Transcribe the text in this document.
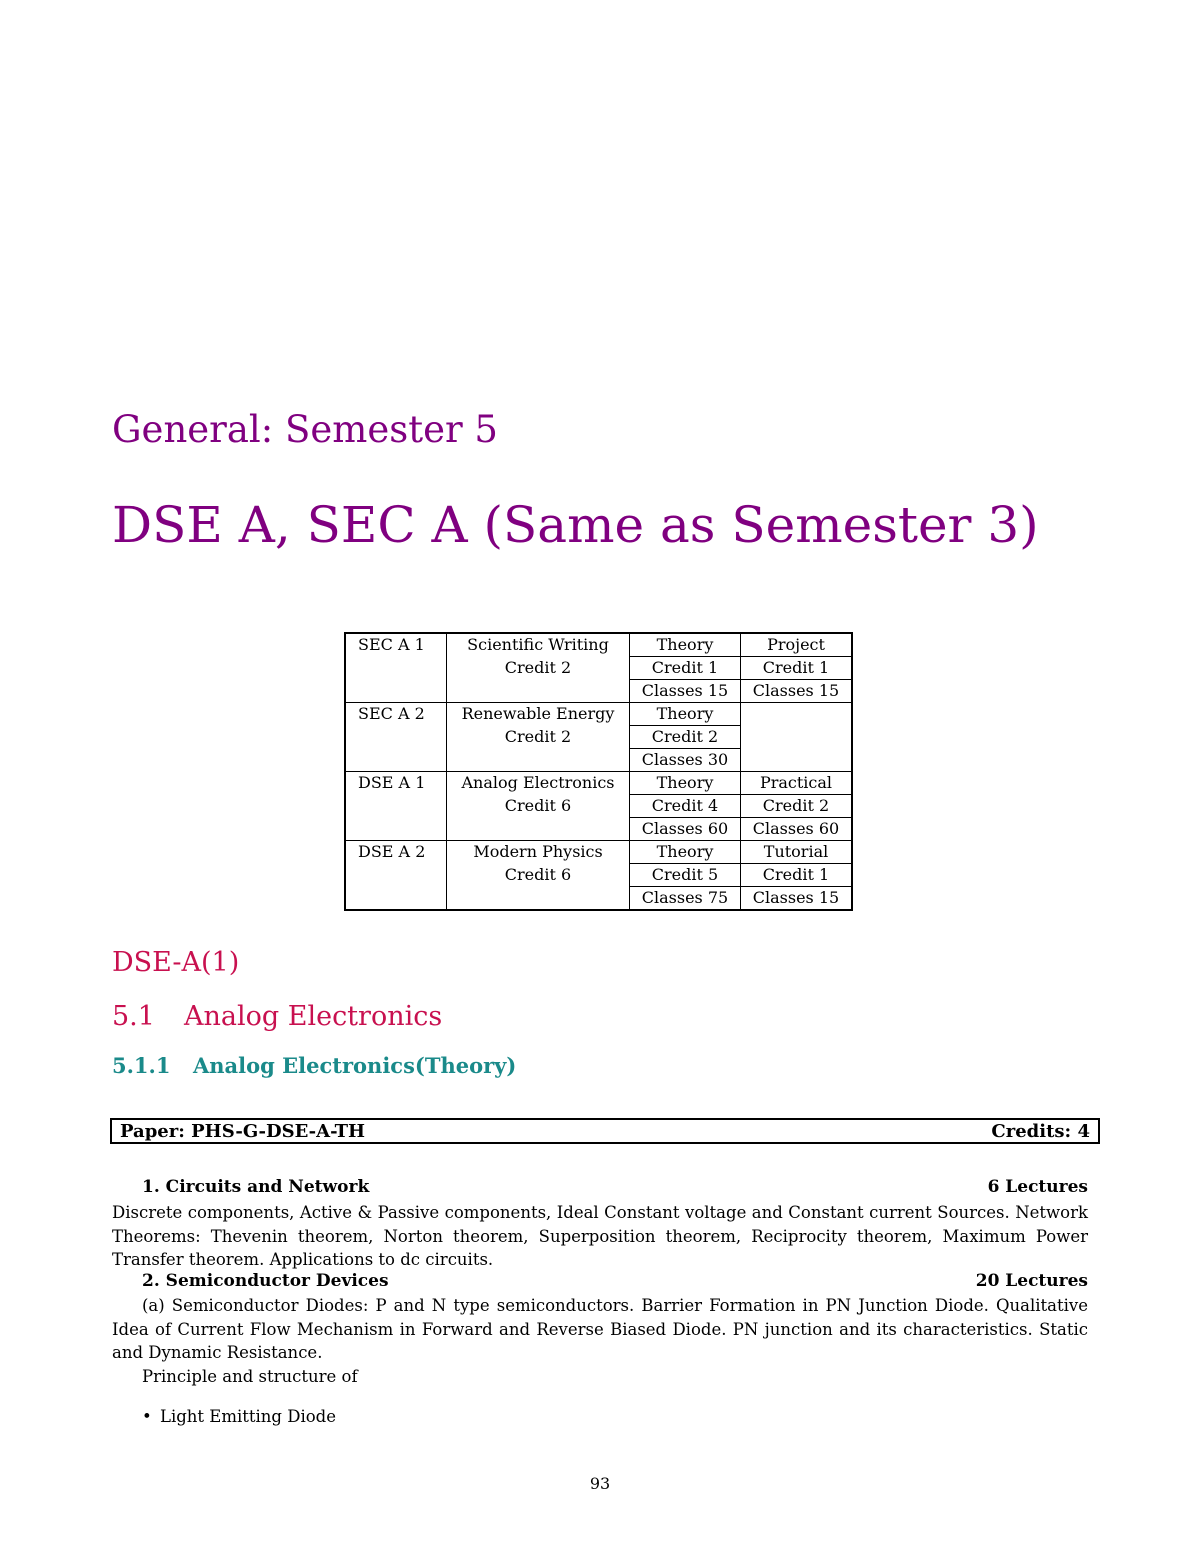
General: Semester 5
DSE A, SEC A (Same as Semester 3)
SEC A 1	Scientific Writing	Theory	Project
	Credit 2	Credit 1	Credit 1
		Classes 15	Classes 15
SEC A 2	Renewable Energy	Theory	
	Credit 2	Credit 2	
		Classes 30	
DSE A 1	Analog Electronics	Theory	Practical
	Credit 6	Credit 4	Credit 2
		Classes 60	Classes 60
DSE A 2	Modern Physics	Theory	Tutorial
	Credit 6	Credit 5	Credit 1
		Classes 75	Classes 15
DSE-A(1)
5.1 Analog Electronics
5.1.1 Analog Electronics(Theory)
Paper: PHS-G-DSE-A-TH	Credits: 4
1. Circuits and Network	6 Lectures
Discrete components, Active & Passive components, Ideal Constant voltage and Constant current Sources. Network Theorems: Thevenin theorem, Norton theorem, Superposition theorem, Reciprocity theorem, Maximum Power Transfer theorem. Applications to dc circuits.
2. Semiconductor Devices	20 Lectures
(a) Semiconductor Diodes: P and N type semiconductors. Barrier Formation in PN Junction Diode. Qualitative Idea of Current Flow Mechanism in Forward and Reverse Biased Diode. PN junction and its characteristics. Static and Dynamic Resistance.
Principle and structure of
• Light Emitting Diode
93
